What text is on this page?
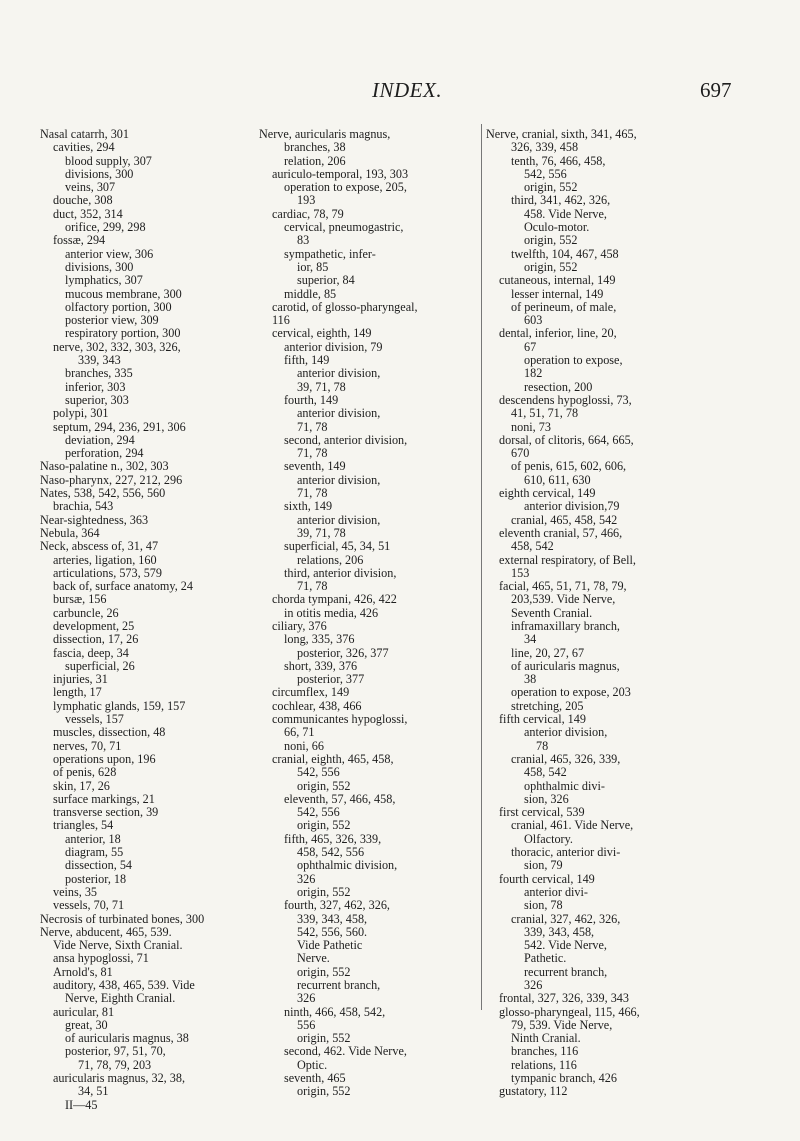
INDEX.	697
Nasal catarrh, 301
cavities, 294
blood supply, 307
divisions, 300
veins, 307
douche, 308
duct, 352, 314
orifice, 299, 298
fossæ, 294
anterior view, 306
divisions, 300
lymphatics, 307
mucous membrane, 300
olfactory portion, 300
posterior view, 309
respiratory portion, 300
nerve, 302, 332, 303, 326,
339, 343
branches, 335
inferior, 303
superior, 303
polypi, 301
septum, 294, 236, 291, 306
deviation, 294
perforation, 294
Naso-palatine n., 302, 303
Naso-pharynx, 227, 212, 296
Nates, 538, 542, 556, 560
brachia, 543
Near-sightedness, 363
Nebula, 364
Neck, abscess of, 31, 47
arteries, ligation, 160
articulations, 573, 579
back of, surface anatomy, 24
bursæ, 156
carbuncle, 26
development, 25
dissection, 17, 26
fascia, deep, 34
superficial, 26
injuries, 31
length, 17
lymphatic glands, 159, 157
vessels, 157
muscles, dissection, 48
nerves, 70, 71
operations upon, 196
of penis, 628
skin, 17, 26
surface markings, 21
transverse section, 39
triangles, 54
anterior, 18
diagram, 55
dissection, 54
posterior, 18
veins, 35
vessels, 70, 71
Necrosis of turbinated bones, 300
Nerve, abducent, 465, 539.
Vide Nerve, Sixth Cranial.
ansa hypoglossi, 71
Arnold's, 81
auditory, 438, 465, 539. Vide
Nerve, Eighth Cranial.
auricular, 81
great, 30
of auricularis magnus, 38
posterior, 97, 51, 70,
71, 78, 79, 203
auricularis magnus, 32, 38,
34, 51
II—45
Nerve, auricularis magnus,
branches, 38
relation, 206
auriculo-temporal, 193, 303
operation to expose, 205,
193
cardiac, 78, 79
cervical, pneumogastric,
83
sympathetic, infer-
ior, 85
superior, 84
middle, 85
carotid, of glosso-pharyngeal,
116
cervical, eighth, 149
anterior division, 79
fifth, 149
anterior division,
39, 71, 78
fourth, 149
anterior division,
71, 78
second, anterior division,
71, 78
seventh, 149
anterior division,
71, 78
sixth, 149
anterior division,
39, 71, 78
superficial, 45, 34, 51
relations, 206
third, anterior division,
71, 78
chorda tympani, 426, 422
in otitis media, 426
ciliary, 376
long, 335, 376
posterior, 326, 377
short, 339, 376
posterior, 377
circumflex, 149
cochlear, 438, 466
communicantes hypoglossi,
66, 71
noni, 66
cranial, eighth, 465, 458,
542, 556
origin, 552
eleventh, 57, 466, 458,
542, 556
origin, 552
fifth, 465, 326, 339,
458, 542, 556
ophthalmic division,
326
origin, 552
fourth, 327, 462, 326,
339, 343, 458,
542, 556, 560.
Vide Pathetic
Nerve.
origin, 552
recurrent branch,
326
ninth, 466, 458, 542,
556
origin, 552
second, 462. Vide Nerve,
Optic.
seventh, 465
origin, 552
Nerve, cranial, sixth, 341, 465,
326, 339, 458
tenth, 76, 466, 458,
542, 556
origin, 552
third, 341, 462, 326,
458. Vide Nerve,
Oculo-motor.
origin, 552
twelfth, 104, 467, 458
origin, 552
cutaneous, internal, 149
lesser internal, 149
of perineum, of male,
603
dental, inferior, line, 20,
67
operation to expose,
182
resection, 200
descendens hypoglossi, 73,
41, 51, 71, 78
noni, 73
dorsal, of clitoris, 664, 665,
670
of penis, 615, 602, 606,
610, 611, 630
eighth cervical, 149
anterior division,79
cranial, 465, 458, 542
eleventh cranial, 57, 466,
458, 542
external respiratory, of Bell,
153
facial, 465, 51, 71, 78, 79,
203,539. Vide Nerve,
Seventh Cranial.
inframaxillary branch,
34
line, 20, 27, 67
of auricularis magnus,
38
operation to expose, 203
stretching, 205
fifth cervical, 149
anterior division,
78
cranial, 465, 326, 339,
458, 542
ophthalmic divi-
sion, 326
first cervical, 539
cranial, 461. Vide Nerve,
Olfactory.
thoracic, anterior divi-
sion, 79
fourth cervical, 149
anterior divi-
sion, 78
cranial, 327, 462, 326,
339, 343, 458,
542. Vide Nerve,
Pathetic.
recurrent branch,
326
frontal, 327, 326, 339, 343
glosso-pharyngeal, 115, 466,
79, 539. Vide Nerve,
Ninth Cranial.
branches, 116
relations, 116
tympanic branch, 426
gustatory, 112
